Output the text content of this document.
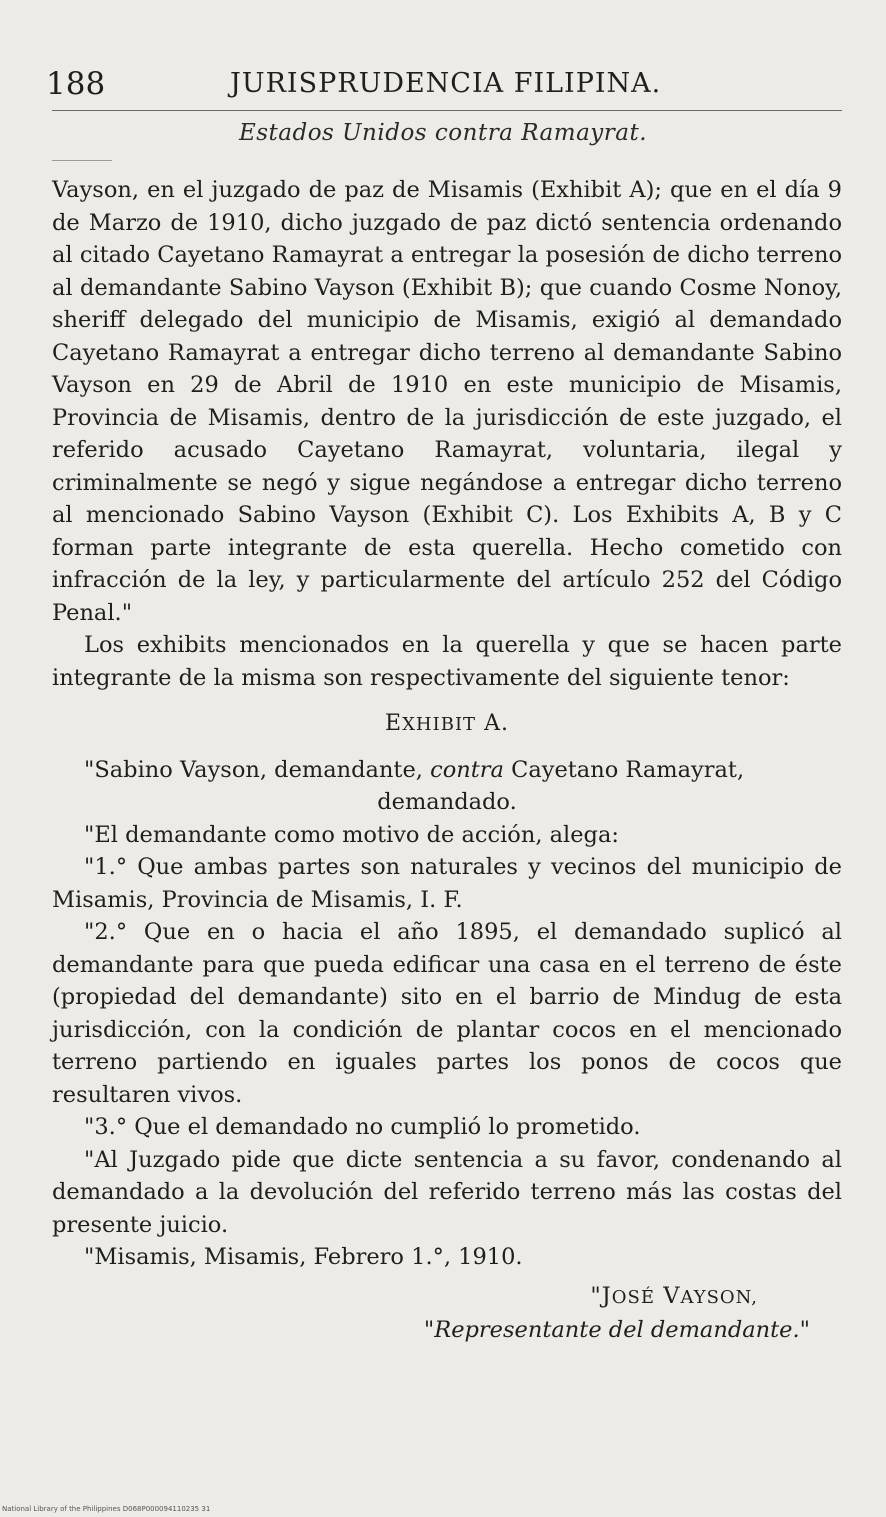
188	JURISPRUDENCIA FILIPINA.
Estados Unidos contra Ramayrat.

Vayson, en el juzgado de paz de Misamis (Exhibit A); que en el día 9 de Marzo de 1910, dicho juzgado de paz dictó sentencia ordenando al citado Cayetano Ramayrat a entregar la posesión de dicho terreno al demandante Sabino Vayson (Exhibit B); que cuando Cosme Nonoy, sheriff delegado del municipio de Misamis, exigió al demandado Cayetano Ramayrat a entregar dicho terreno al demandante Sabino Vayson en 29 de Abril de 1910 en este municipio de Misamis, Provincia de Misamis, dentro de la jurisdicción de este juzgado, el referido acusado Cayetano Ramayrat, voluntaria, ilegal y criminalmente se negó y sigue negándose a entregar dicho terreno al mencionado Sabino Vayson (Exhibit C). Los Exhibits A, B y C forman parte integrante de esta querella. Hecho cometido con infracción de la ley, y particularmente del artículo 252 del Código Penal."

Los exhibits mencionados en la querella y que se hacen parte integrante de la misma son respectivamente del siguiente tenor:

EXHIBIT A.

"Sabino Vayson, demandante, contra Cayetano Ramayrat,

demandado.

"El demandante como motivo de acción, alega:

"1.° Que ambas partes son naturales y vecinos del municipio de Misamis, Provincia de Misamis, I. F.

"2.° Que en o hacia el año 1895, el demandado suplicó al demandante para que pueda edificar una casa en el terreno de éste (propiedad del demandante) sito en el barrio de Mindug de esta jurisdicción, con la condición de plantar cocos en el mencionado terreno partiendo en iguales partes los ponos de cocos que resultaren vivos.

"3.° Que el demandado no cumplió lo prometido.

"Al Juzgado pide que dicte sentencia a su favor, condenando al demandado a la devolución del referido terreno más las costas del presente juicio.

"Misamis, Misamis, Febrero 1.°, 1910.

"JOSÉ VAYSON,

"Representante del demandante."

National Library of the Philippines D068P000094110235 31
